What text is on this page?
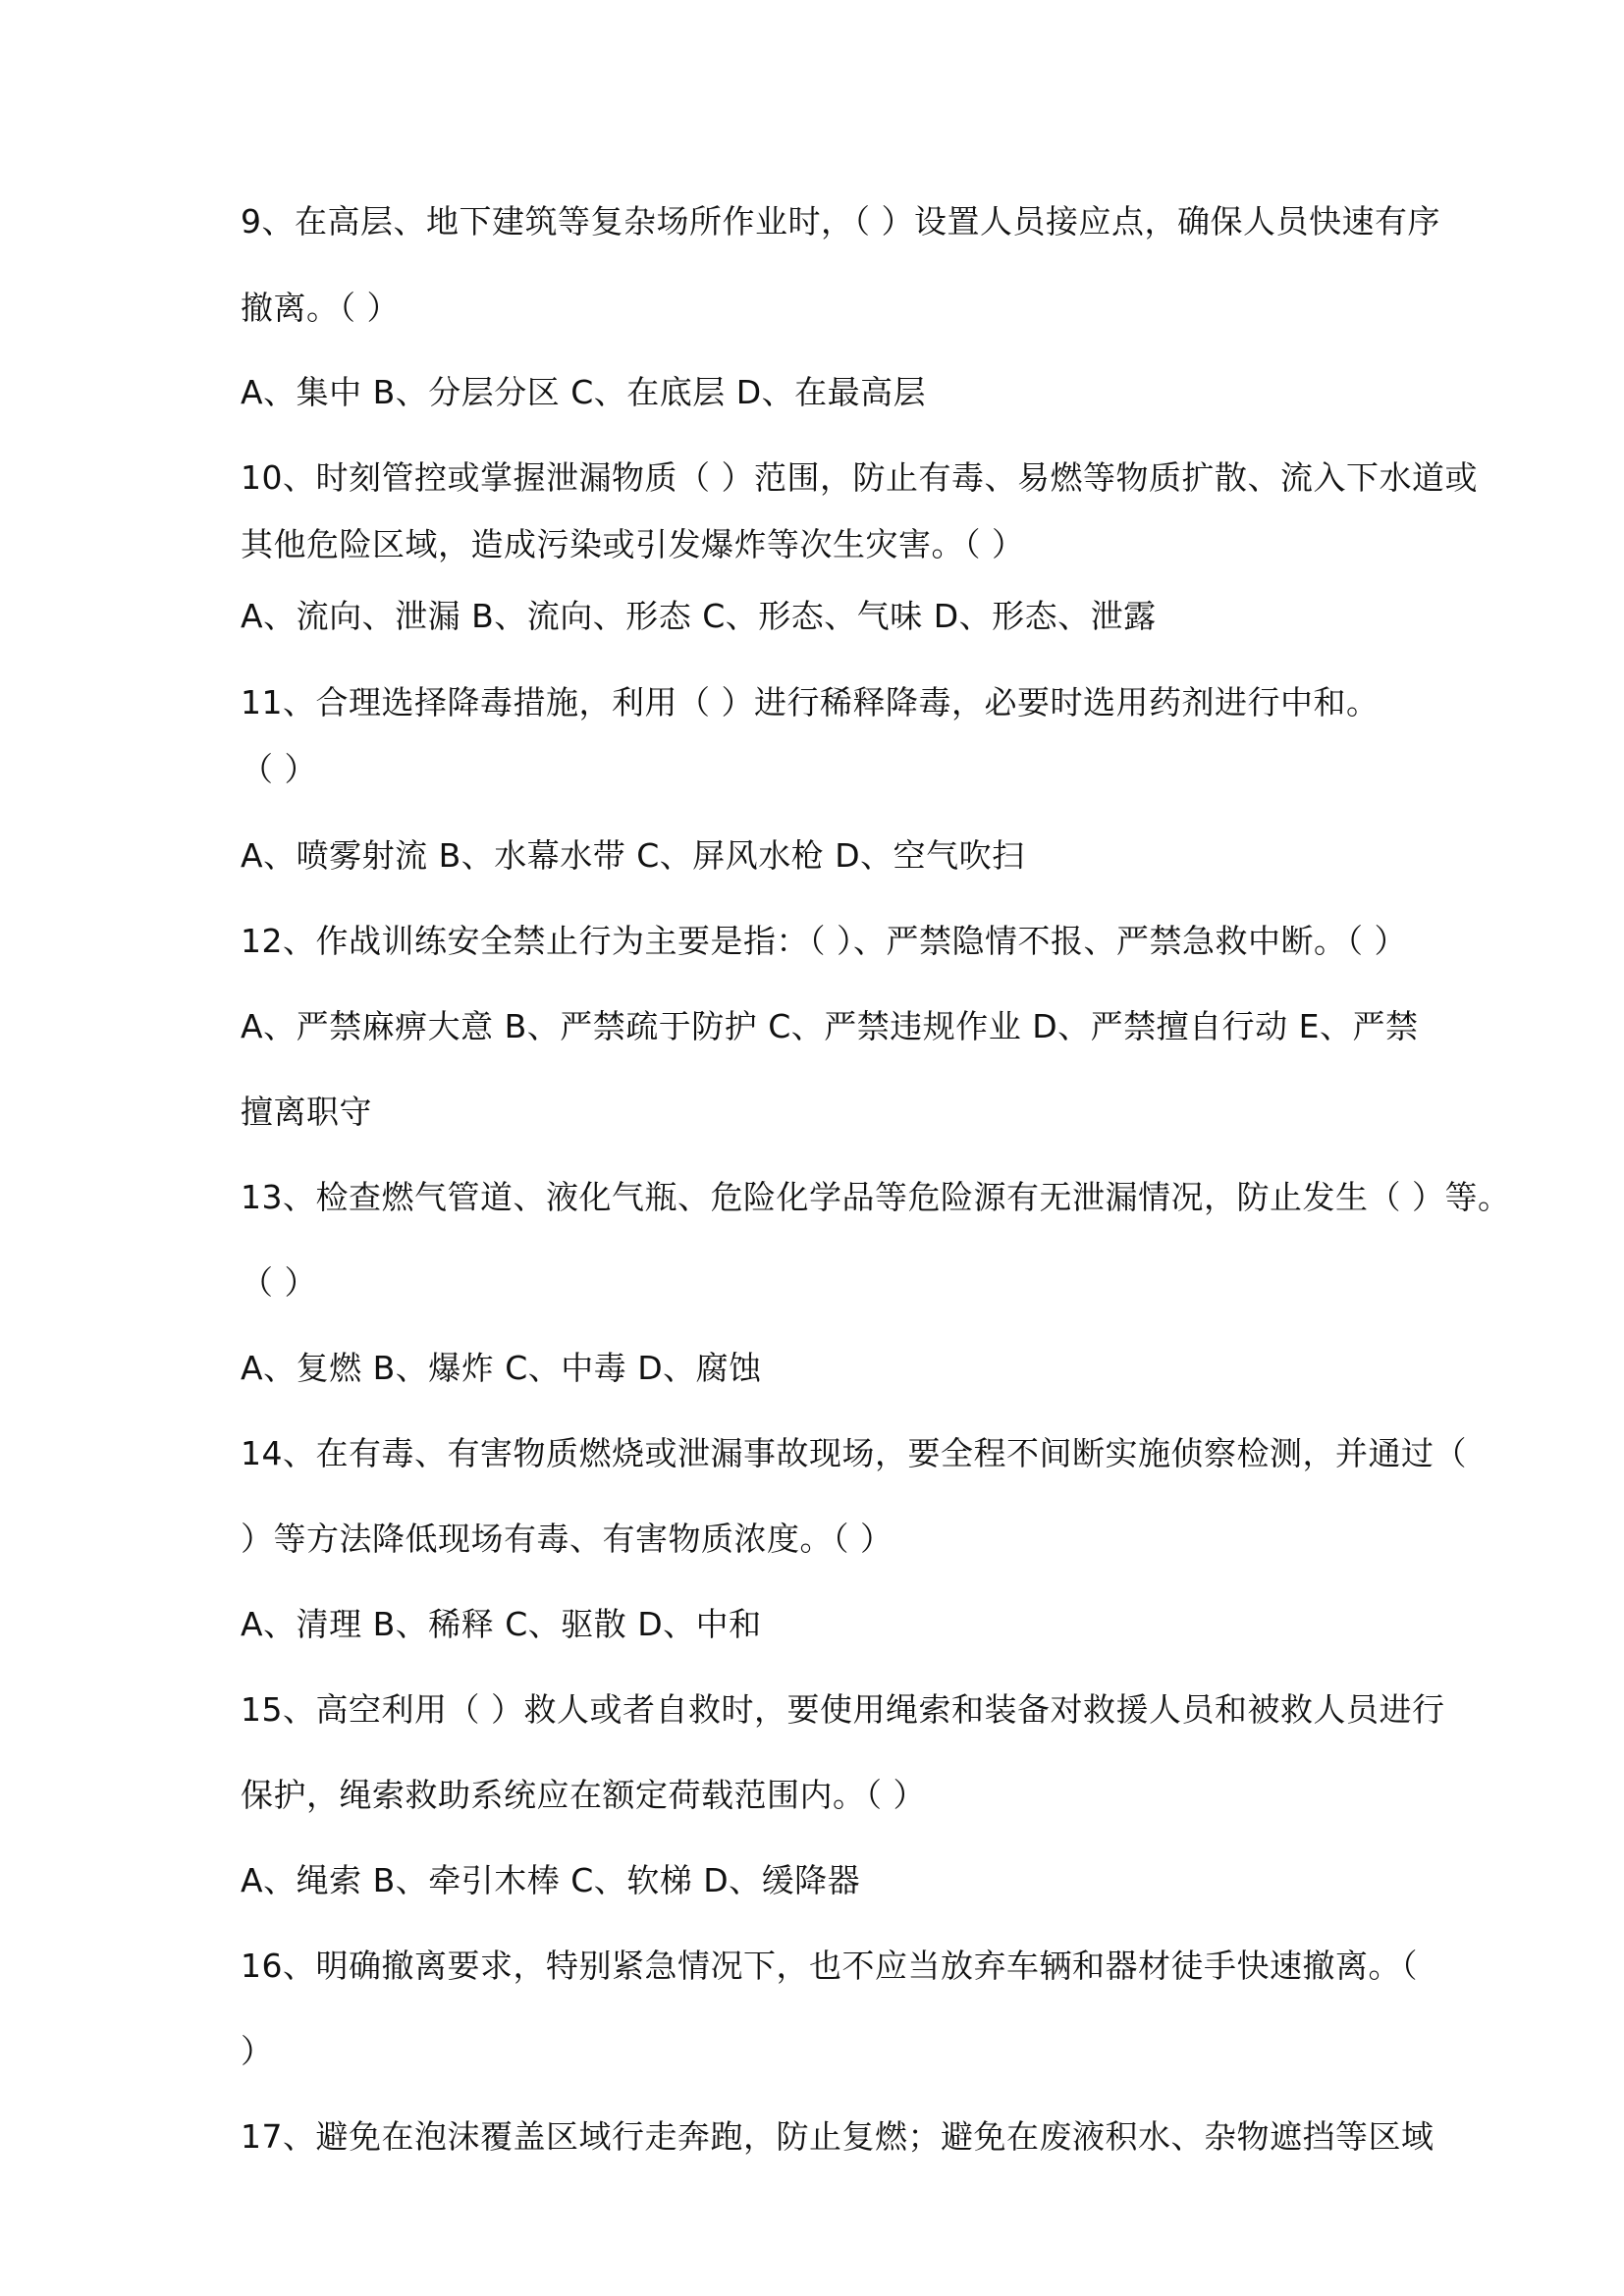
9、在高层、地下建筑等复杂场所作业时，（ ）设置人员接应点，确保人员快速有序
撤离。（ ）
A、集中 B、分层分区 C、在底层 D、在最高层
10、时刻管控或掌握泄漏物质（ ）范围，防止有毒、易燃等物质扩散、流入下水道或
其他危险区域，造成污染或引发爆炸等次生灾害。（ ）
A、流向、泄漏 B、流向、形态 C、形态、气味 D、形态、泄露
11、合理选择降毒措施，利用（ ）进行稀释降毒，必要时选用药剂进行中和。
（ ）
A、喷雾射流 B、水幕水带 C、屏风水枪 D、空气吹扫
12、作战训练安全禁止行为主要是指：（ ）、严禁隐情不报、严禁急救中断。（ ）
A、严禁麻痹大意 B、严禁疏于防护 C、严禁违规作业 D、严禁擅自行动 E、严禁
擅离职守
13、检查燃气管道、液化气瓶、危险化学品等危险源有无泄漏情况，防止发生（ ）等。
（ ）
A、复燃 B、爆炸 C、中毒 D、腐蚀
14、在有毒、有害物质燃烧或泄漏事故现场，要全程不间断实施侦察检测，并通过（
）等方法降低现场有毒、有害物质浓度。（ ）
A、清理 B、稀释 C、驱散 D、中和
15、高空利用（ ）救人或者自救时，要使用绳索和装备对救援人员和被救人员进行
保护，绳索救助系统应在额定荷载范围内。（ ）
A、绳索 B、牵引木棒 C、软梯 D、缓降器
16、明确撤离要求，特别紧急情况下，也不应当放弃车辆和器材徒手快速撤离。（
）
17、避免在泡沫覆盖区域行走奔跑，防止复燃；避免在废液积水、杂物遮挡等区域
